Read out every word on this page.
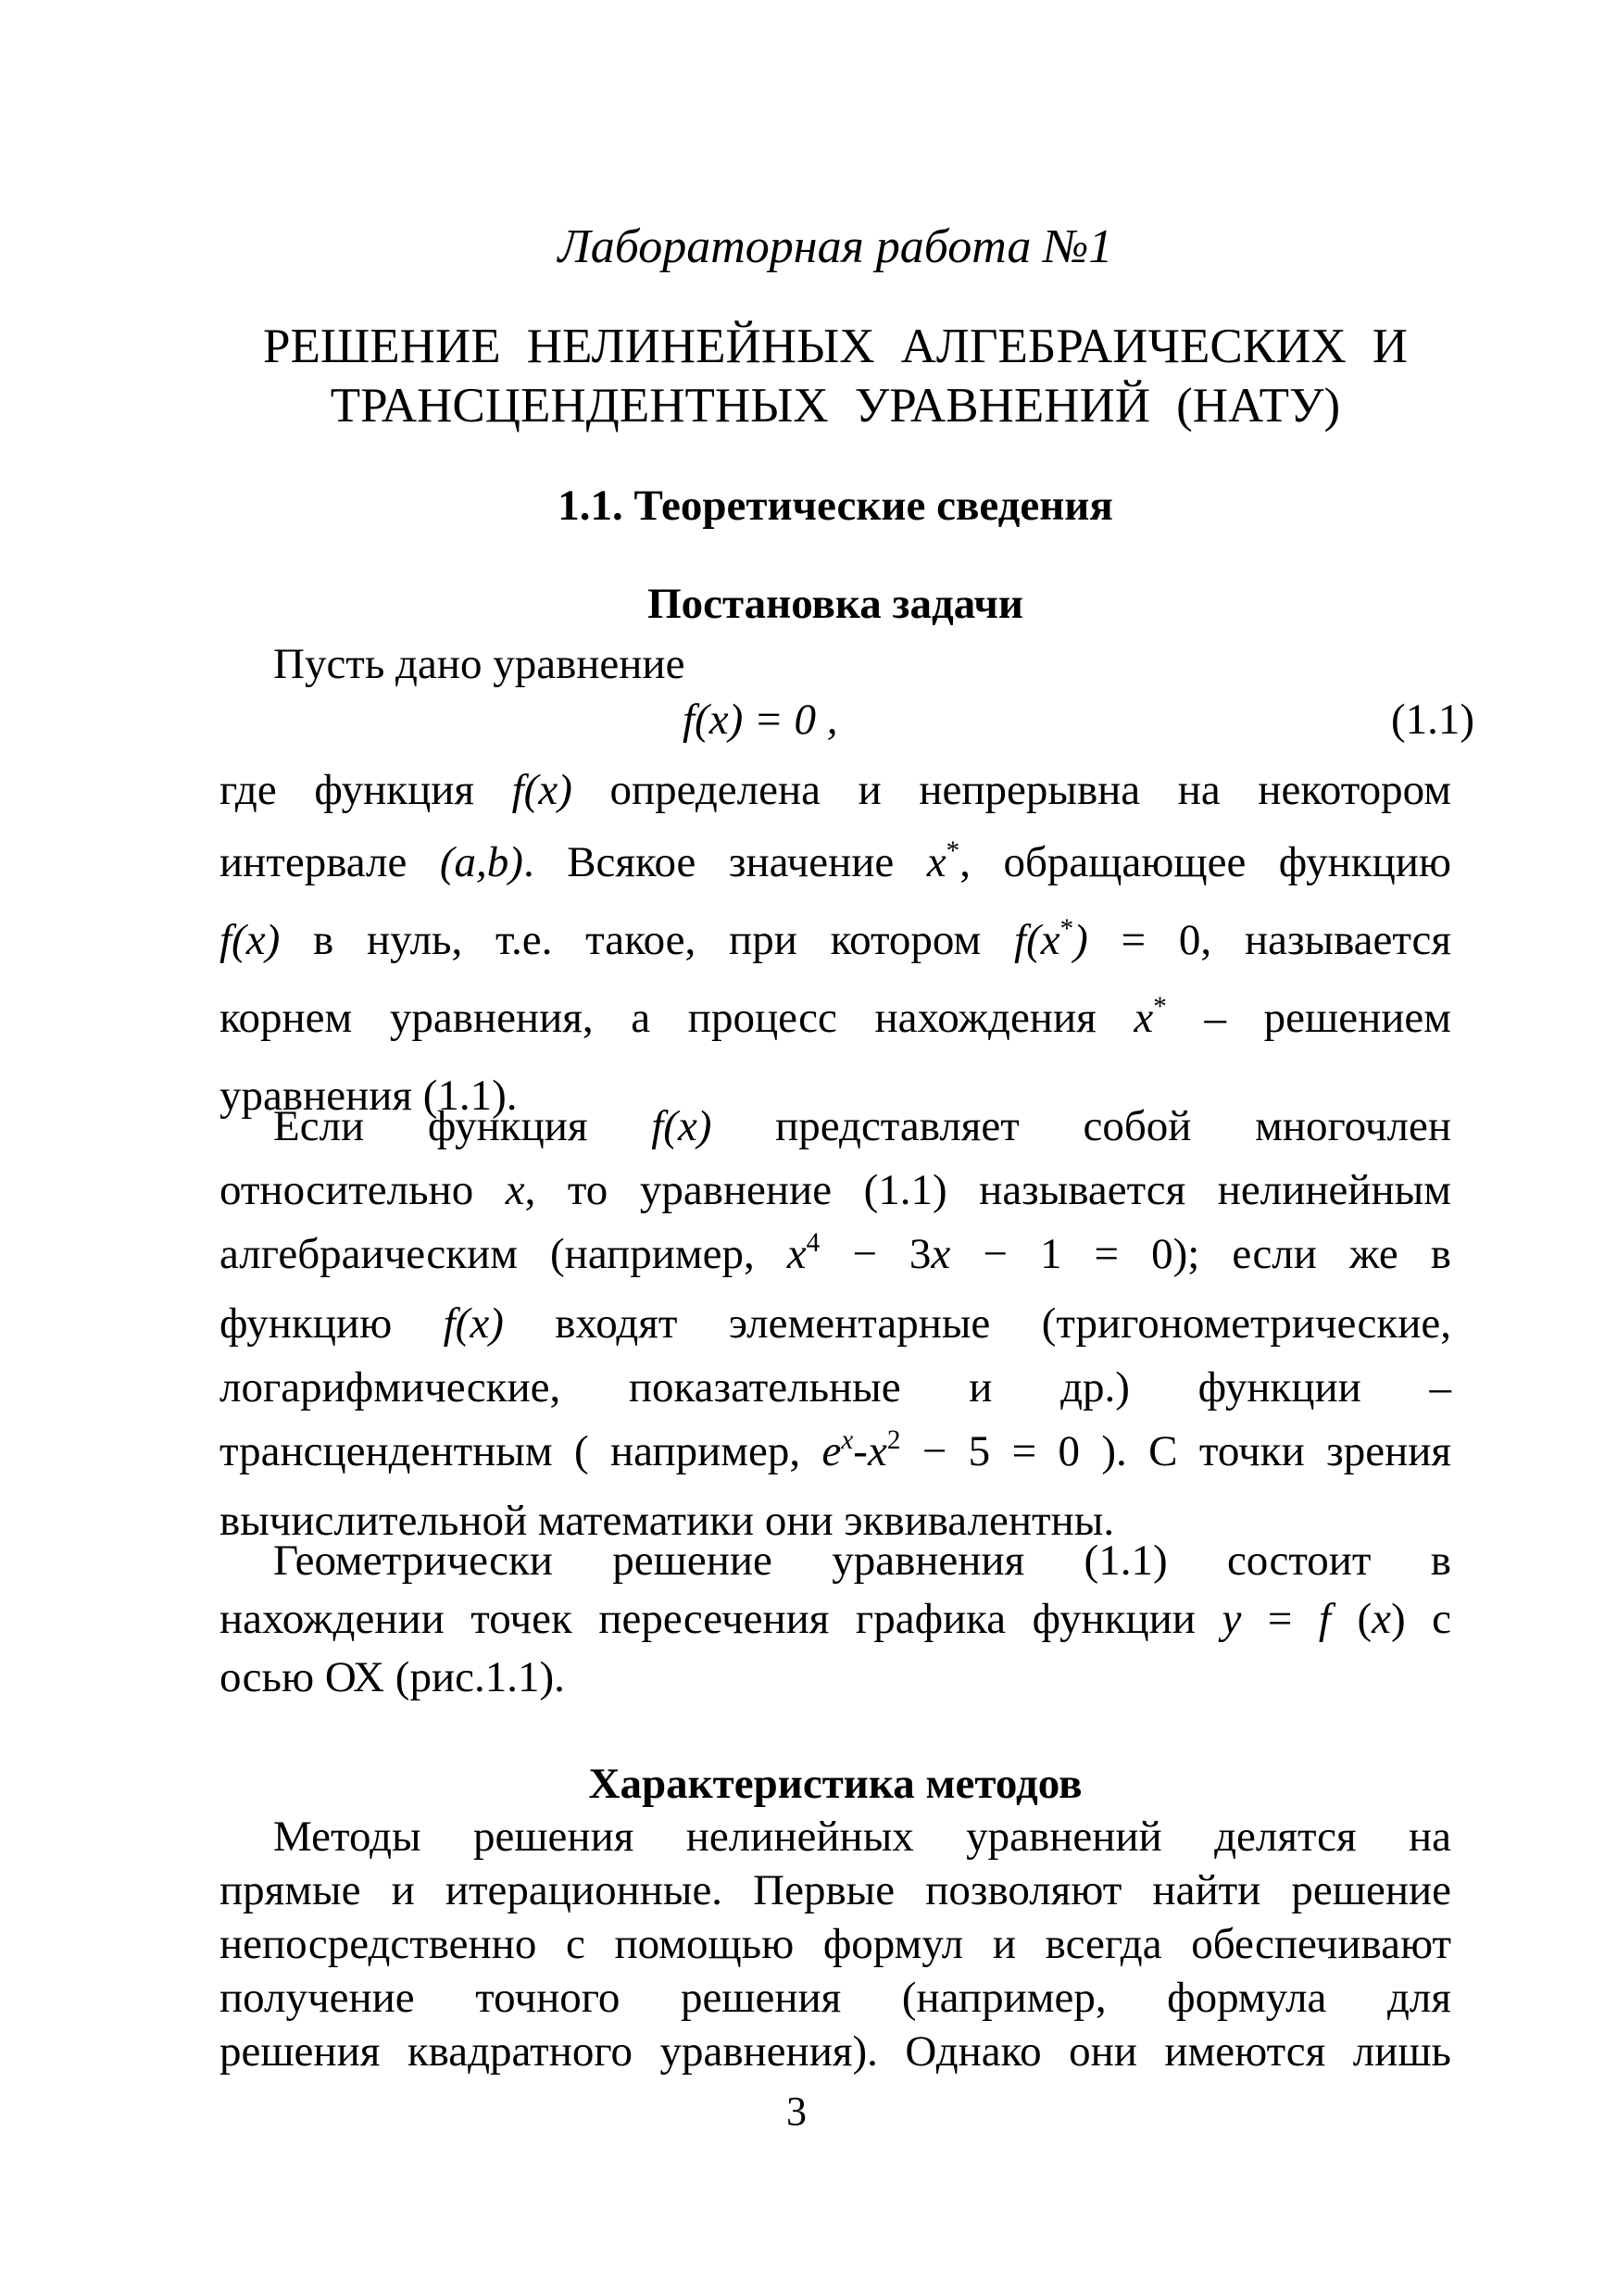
Лабораторная работа №1
РЕШЕНИЕ НЕЛИНЕЙНЫХ АЛГЕБРАИЧЕСКИХ И
ТРАНСЦЕНДЕНТНЫХ УРАВНЕНИЙ (НАТУ)
1.1. Теоретические сведения
Постановка задачи
Пусть дано уравнение
f(x) = 0 ,	(1.1)
где функция f(x) определена и непрерывна на некотором
интервале (a,b). Всякое значение x*, обращающее функцию
f(x) в нуль, т.е. такое, при котором f(x*) = 0, называется
корнем уравнения, а процесс нахождения x* – решением
уравнения (1.1).
Если функция f(x) представляет собой многочлен
относительно x, то уравнение (1.1) называется нелинейным
алгебраическим (например, $x^4 - 3x - 1 = 0$); если же в
функцию f(x) входят элементарные (тригонометрические,
логарифмические, показательные и др.) функции –
трансцендентным ( например, $e^x-x^2 - 5 = 0$ ). С точки зрения
вычислительной математики они эквивалентны.
Геометрически решение уравнения (1.1) состоит в
нахождении точек пересечения графика функции y = f (x) с
осью ОХ (рис.1.1).
Характеристика методов
Методы решения нелинейных уравнений делятся на
прямые и итерационные. Первые позволяют найти решение
непосредственно с помощью формул и всегда обеспечивают
получение точного решения (например, формула для
решения квадратного уравнения). Однако они имеются лишь
3
